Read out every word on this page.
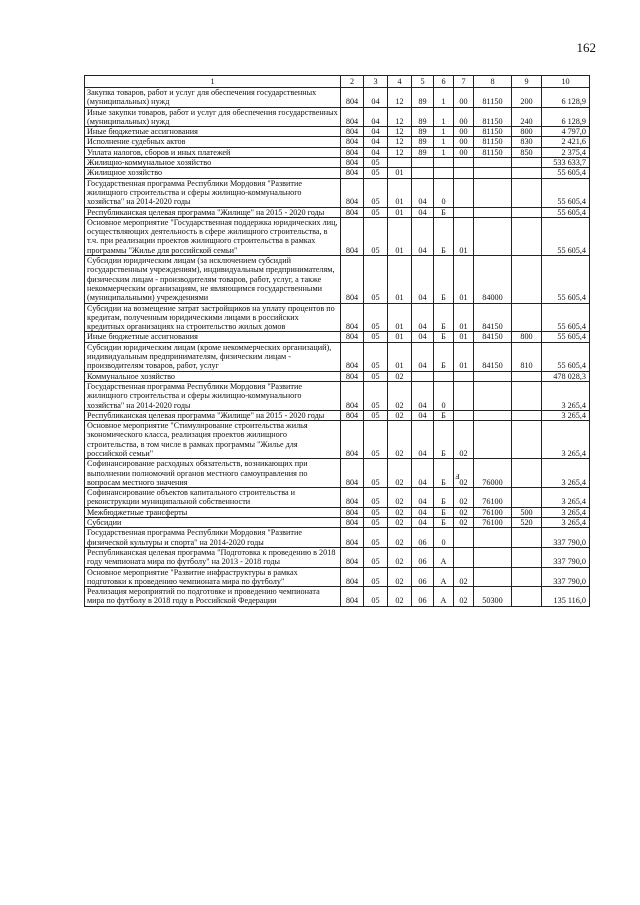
162
1	2	3	4	5	6	7	8	9	10
Закупка товаров, работ и услуг для обеспечения государственных (муниципальных) нужд	804	04	12	89	1	00	81150	200	6 128,9
Иные закупки товаров, работ и услуг для обеспечения государственных (муниципальных) нужд	804	04	12	89	1	00	81150	240	6 128,9
Иные бюджетные ассигнования	804	04	12	89	1	00	81150	800	4 797,0
Исполнение судебных актов	804	04	12	89	1	00	81150	830	2 421,6
Уплата налогов, сборов и иных платежей	804	04	12	89	1	00	81150	850	2 375,4
Жилищно-коммунальное хозяйство	804	05							533 633,7
Жилищное хозяйство	804	05	01						55 605,4
Государственная программа Республики Мордовия "Развитие жилищного строительства и сферы жилищно-коммунального хозяйства" на 2014-2020 годы	804	05	01	04	0				55 605,4
Республиканская целевая программа "Жилище" на 2015 - 2020 годы	804	05	01	04	Б				55 605,4
Основное мероприятие "Государственная поддержка юридических лиц, осуществляющих деятельность в сфере жилищного строительства, в т.ч. при реализации проектов жилищного строительства в рамках программы "Жилье для российской семьи"	804	05	01	04	Б	01			55 605,4
Субсидии юридическим лицам (за исключением субсидий государственным учреждениям), индивидуальным предпринимателям, физическим лицам - производителям товаров, работ, услуг, а также некоммерческим организациям, не являющимся государственными (муниципальными) учреждениями	804	05	01	04	Б	01	84000		55 605,4
Субсидии на возмещение затрат застройщиков на уплату процентов по кредитам, полученным юридическими лицами в российских кредитных организациях на строительство жилых домов	804	05	01	04	Б	01	84150		55 605,4
Иные бюджетные ассигнования	804	05	01	04	Б	01	84150	800	55 605,4
Субсидии юридическим лицам (кроме некоммерческих организаций), индивидуальным предпринимателям, физическим лицам - производителям товаров, работ, услуг	804	05	01	04	Б	01	84150	810	55 605,4
Коммунальное хозяйство	804	05	02						478 028,3
Государственная программа Республики Мордовия "Развитие жилищного строительства и сферы жилищно-коммунального хозяйства" на 2014-2020 годы	804	05	02	04	0				3 265,4
Республиканская целевая программа "Жилище" на 2015 - 2020 годы	804	05	02	04	Б				3 265,4
Основное мероприятие "Стимулирование строительства жилья экономического класса, реализация проектов жилищного строительства, в том числе в рамках программы "Жилье для российской семьи"	804	05	02	04	Б	02			3 265,4
Софинансирование расходных обязательств, возникающих при выполнении полномочий органов местного самоуправления по вопросам местного значения	804	05	02	04	Б	02	76000		3 265,4
Софинансирование объектов капитального строительства и реконструкции муниципальной собственности	804	05	02	04	Б	02	76100		3 265,4
Межбюджетные трансферты	804	05	02	04	Б	02	76100	500	3 265,4
Субсидии	804	05	02	04	Б	02	76100	520	3 265,4
Государственная программа Республики Мордовия "Развитие физической культуры и спорта" на 2014-2020 годы	804	05	02	06	0				337 790,0
Республиканская целевая программа "Подготовка к проведению в 2018 году чемпионата мира по футболу" на 2013 - 2018 годы	804	05	02	06	А				337 790,0
Основное мероприятие "Развитие инфраструктуры в рамках подготовки к проведению чемпионата мира по футболу"	804	05	02	06	А	02			337 790,0
Реализация мероприятий по подготовке и проведению чемпионата мира по футболу в 2018 году в Российской Федерации	804	05	02	06	А	02	50300		135 116,0
ⅎ
